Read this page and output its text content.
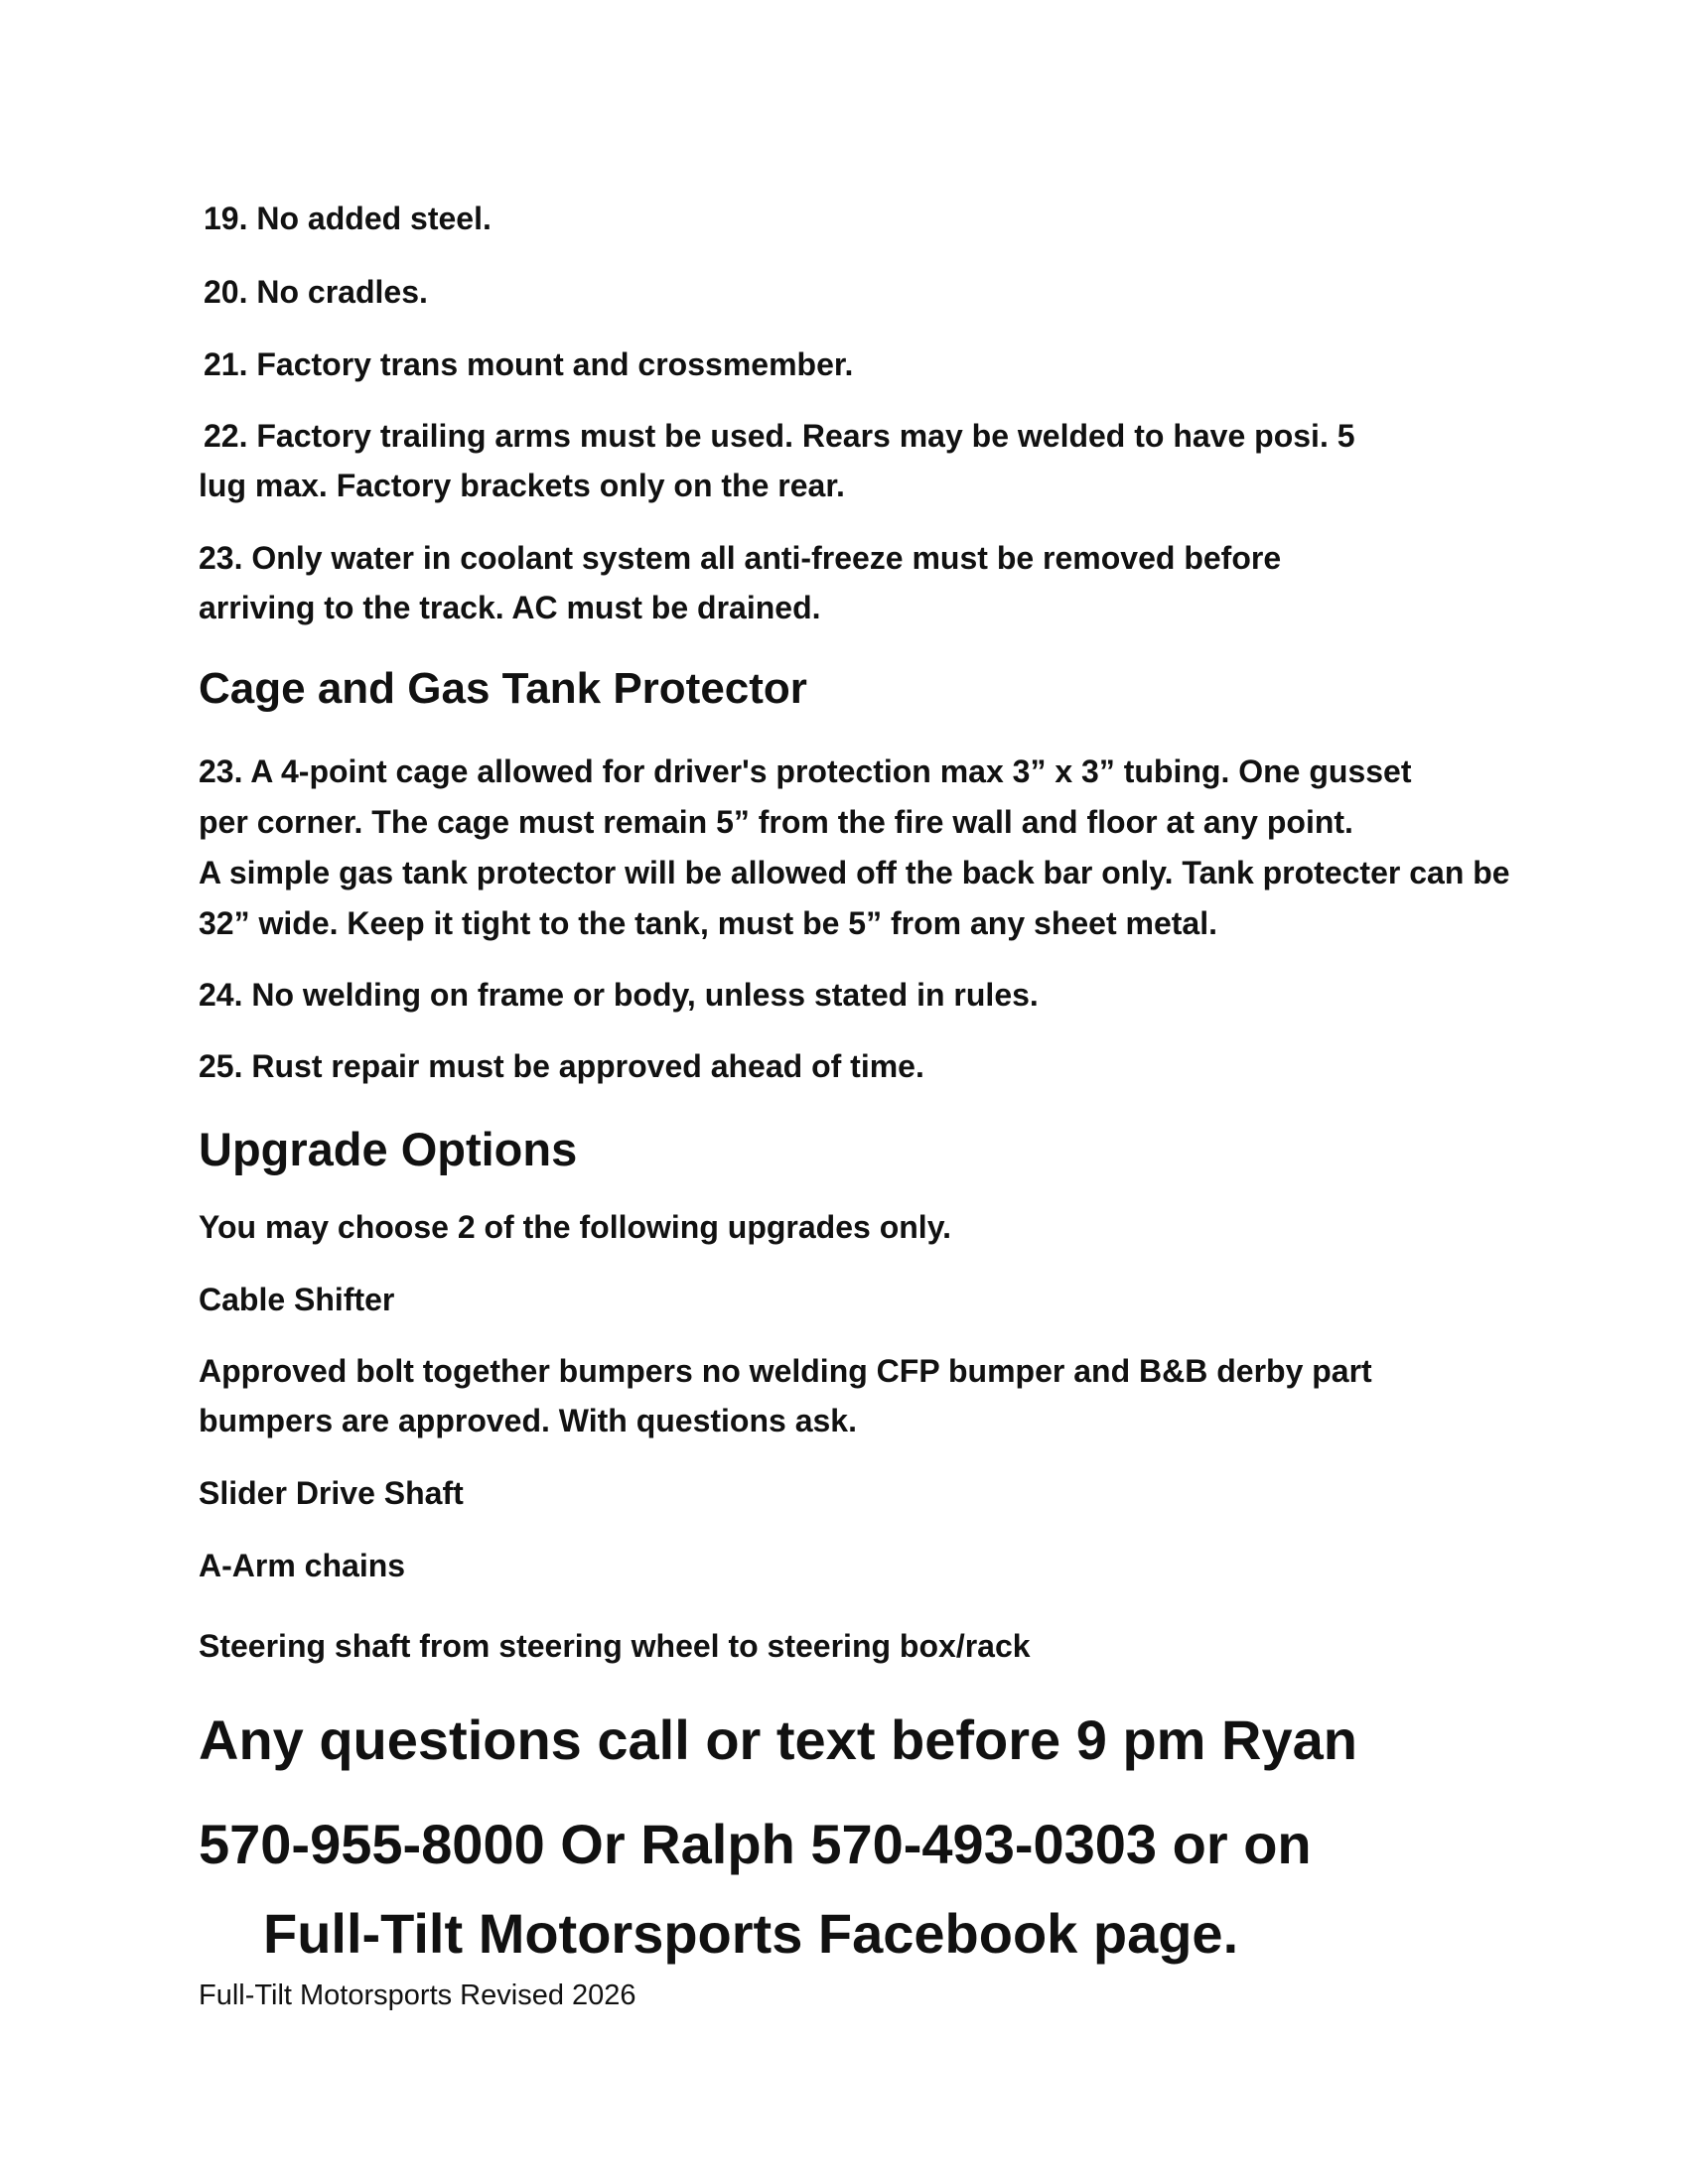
19. No added steel.

20. No cradles.

21. Factory trans mount and crossmember.

22. Factory trailing arms must be used. Rears may be welded to have posi. 5

lug max. Factory brackets only on the rear.

23. Only water in coolant system all anti-freeze must be removed before

arriving to the track. AC must be drained.

Cage and Gas Tank Protector

23. A 4-point cage allowed for driver's protection max 3” x 3” tubing. One gusset

per corner. The cage must remain 5” from the fire wall and floor at any point.

A simple gas tank protector will be allowed off the back bar only. Tank protecter can be

32” wide. Keep it tight to the tank, must be 5” from any sheet metal.

24. No welding on frame or body, unless stated in rules.

25. Rust repair must be approved ahead of time.

Upgrade Options

You may choose 2 of the following upgrades only.

Cable Shifter

Approved bolt together bumpers no welding CFP bumper and B&B derby part

bumpers are approved. With questions ask.

Slider Drive Shaft

A-Arm chains

Steering shaft from steering wheel to steering box/rack

Any questions call or text before 9 pm Ryan

570-955-8000 Or Ralph 570-493-0303 or on

Full-Tilt Motorsports Facebook page.

Full-Tilt Motorsports Revised 2026
